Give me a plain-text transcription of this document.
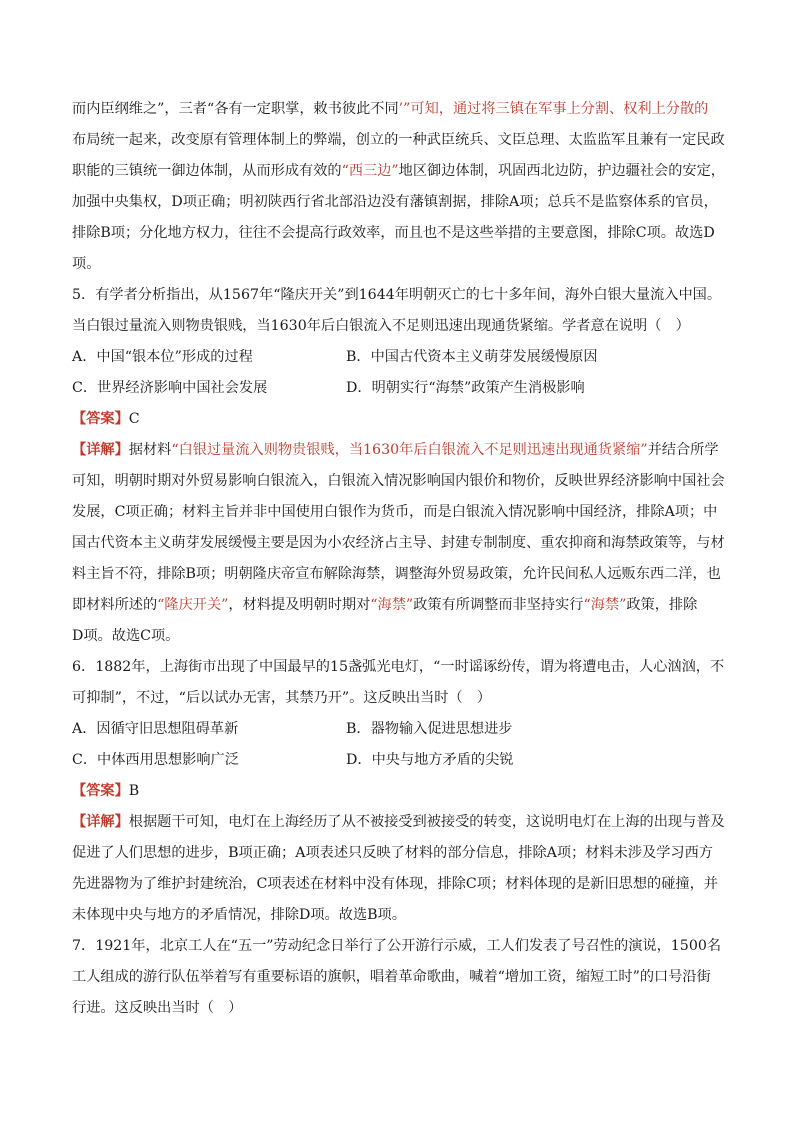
而内臣纲维之”，三者“各有一定职掌，敕书彼此不同’”可知，通过将三镇在军事上分割、权利上分散的
布局统一起来，改变原有管理体制上的弊端，创立的一种武臣统兵、文臣总理、太监监军且兼有一定民政
职能的三镇统一御边体制，从而形成有效的“西三边”地区御边体制，巩固西北边防，护边疆社会的安定，
加强中央集权，D项正确；明初陕西行省北部沿边没有藩镇割据，排除A项；总兵不是监察体系的官员，
排除B项；分化地方权力，往往不会提高行政效率，而且也不是这些举措的主要意图，排除C项。故选D
项。
5．有学者分析指出，从1567年“隆庆开关”到1644年明朝灭亡的七十多年间，海外白银大量流入中国。
当白银过量流入则物贵银贱，当1630年后白银流入不足则迅速出现通货紧缩。学者意在说明（　）
A．中国“银本位”形成的过程	B．中国古代资本主义萌芽发展缓慢原因
C．世界经济影响中国社会发展	D．明朝实行“海禁”政策产生消极影响
【答案】C
【详解】据材料“白银过量流入则物贵银贱，当1630年后白银流入不足则迅速出现通货紧缩”并结合所学
可知，明朝时期对外贸易影响白银流入，白银流入情况影响国内银价和物价，反映世界经济影响中国社会
发展，C项正确；材料主旨并非中国使用白银作为货币，而是白银流入情况影响中国经济，排除A项；中
国古代资本主义萌芽发展缓慢主要是因为小农经济占主导、封建专制制度、重农抑商和海禁政策等，与材
料主旨不符，排除B项；明朝隆庆帝宣布解除海禁，调整海外贸易政策，允许民间私人远贩东西二洋，也
即材料所述的“隆庆开关”，材料提及明朝时期对“海禁”政策有所调整而非坚持实行“海禁”政策，排除
D项。故选C项。
6．1882年，上海街市出现了中国最早的15盏弧光电灯，“一时谣诼纷传，谓为将遭电击，人心汹汹，不
可抑制”，不过，“后以试办无害，其禁乃开”。这反映出当时（　）
A．因循守旧思想阻碍革新	B．器物输入促进思想进步
C．中体西用思想影响广泛	D．中央与地方矛盾的尖锐
【答案】B
【详解】根据题干可知，电灯在上海经历了从不被接受到被接受的转变，这说明电灯在上海的出现与普及
促进了人们思想的进步，B项正确；A项表述只反映了材料的部分信息，排除A项；材料未涉及学习西方
先进器物为了维护封建统治，C项表述在材料中没有体现，排除C项；材料体现的是新旧思想的碰撞，并
未体现中央与地方的矛盾情况，排除D项。故选B项。
7．1921年，北京工人在“五一”劳动纪念日举行了公开游行示威，工人们发表了号召性的演说，1500名
工人组成的游行队伍举着写有重要标语的旗帜，唱着革命歌曲，喊着“增加工资，缩短工时”的口号沿街
行进。这反映出当时（　）
